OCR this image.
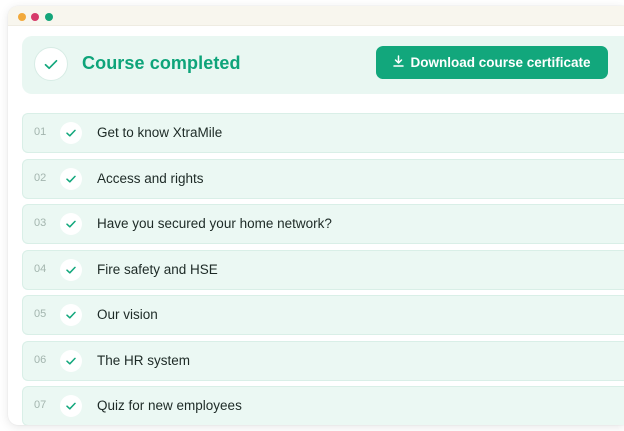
Course completed	Download course certificate
01	Get to know XtraMile
02	Access and rights
03	Have you secured your home network?
04	Fire safety and HSE
05	Our vision
06	The HR system
07	Quiz for new employees
